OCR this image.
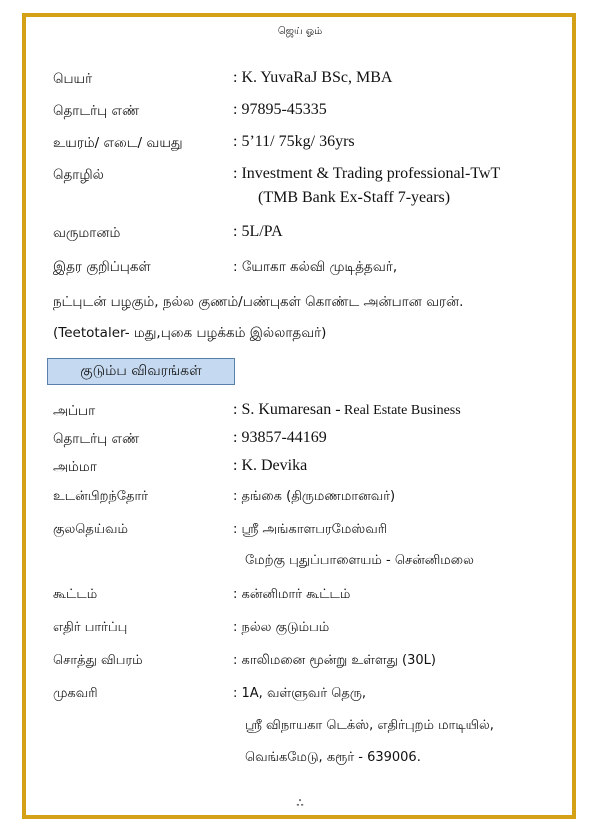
ஜெய் ஓம்
பெயர்	: K. YuvaRaJ BSc, MBA
தொடர்பு எண்	: 97895-45335
உயரம்/ எடை/ வயது	: 5’11/ 75kg/ 36yrs
தொழில்	: Investment & Trading professional-TwT
(TMB Bank Ex-Staff 7-years)
வருமானம்	: 5L/PA
இதர குறிப்புகள்	: யோகா கல்வி முடித்தவர்,
நட்புடன் பழகும், நல்ல குணம்/பண்புகள் கொண்ட அன்பான வரன்.
(Teetotaler- மது,புகை பழக்கம் இல்லாதவர்)
குடும்ப விவரங்கள்
அப்பா	: S. Kumaresan - Real Estate Business
தொடர்பு எண்	: 93857-44169
அம்மா	: K. Devika
உடன்பிறந்தோர்	: தங்கை (திருமணமானவர்)
குலதெய்வம்	: ஸ்ரீ அங்காளபரமேஸ்வரி
மேற்கு புதுப்பாளையம் - சென்னிமலை
கூட்டம்	: கன்னிமார் கூட்டம்
எதிர் பார்ப்பு	: நல்ல குடும்பம்
சொத்து விபரம்	: காலிமனை மூன்று உள்ளது (30L)
முகவரி	: 1A, வள்ளுவர் தெரு,
ஸ்ரீ விநாயகா டெக்ஸ், எதிர்புறம் மாடியில்,
வெங்கமேடு, கரூர் - 639006.
ஃ
